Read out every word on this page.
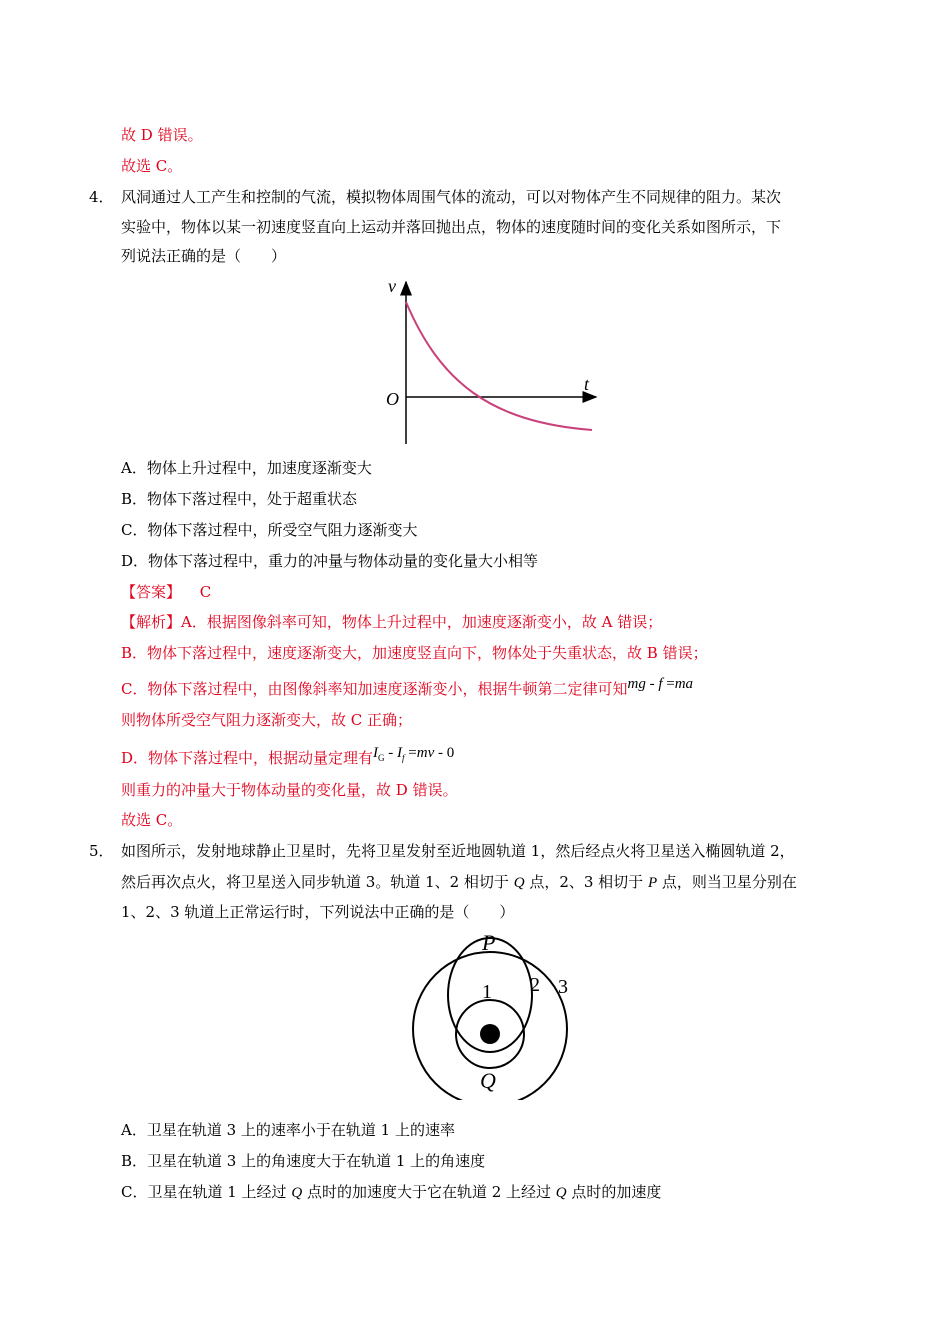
故 D 错误。
故选 C。
4． 风洞通过人工产生和控制的气流，模拟物体周围气体的流动，可以对物体产生不同规律的阻力。某次
实验中，物体以某一初速度竖直向上运动并落回抛出点，物体的速度随时间的变化关系如图所示，下
列说法正确的是（　　）
v
t
O
A．物体上升过程中，加速度逐渐变大
B．物体下落过程中，处于超重状态
C．物体下落过程中，所受空气阻力逐渐变大
D．物体下落过程中，重力的冲量与物体动量的变化量大小相等
【答案】 C
【解析】A．根据图像斜率可知，物体上升过程中，加速度逐渐变小，故 A 错误；
B．物体下落过程中，速度逐渐变大，加速度竖直向下，物体处于失重状态，故 B 错误；
C．物体下落过程中，由图像斜率知加速度逐渐变小，根据牛顿第二定律可知mg - f =ma
则物体所受空气阻力逐渐变大，故 C 正确；
D．物体下落过程中，根据动量定理有$I_G - I_f =mv - 0$
则重力的冲量大于物体动量的变化量，故 D 错误。
故选 C。
5． 如图所示，发射地球静止卫星时，先将卫星发射至近地圆轨道 1，然后经点火将卫星送入椭圆轨道 2，
然后再次点火，将卫星送入同步轨道 3。轨道 1、2 相切于 Q 点，2、3 相切于 P 点，则当卫星分别在
1、2、3 轨道上正常运行时，下列说法中正确的是（　　）
P
Q
1 2 3
A．卫星在轨道 3 上的速率小于在轨道 1 上的速率
B．卫星在轨道 3 上的角速度大于在轨道 1 上的角速度
C．卫星在轨道 1 上经过 Q 点时的加速度大于它在轨道 2 上经过 Q 点时的加速度
